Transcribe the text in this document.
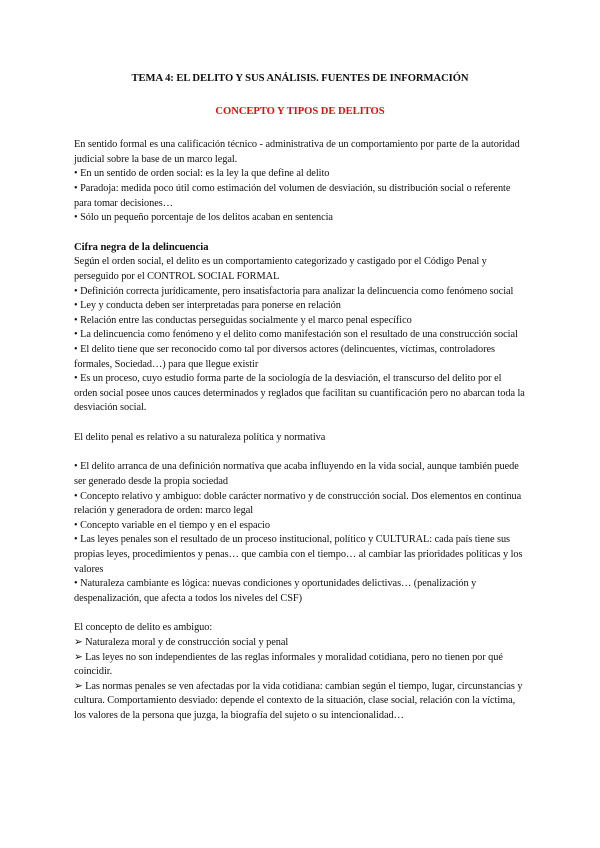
TEMA 4: EL DELITO Y SUS ANÁLISIS. FUENTES DE INFORMACIÓN
CONCEPTO Y TIPOS DE DELITOS

En sentido formal es una calificación técnico - administrativa de un comportamiento por parte de la autoridad judicial sobre la base de un marco legal.

• En un sentido de orden social: es la ley la que define al delito

• Paradoja: medida poco útil como estimación del volumen de desviación, su distribución social o referente para tomar decisiones…

• Sólo un pequeño porcentaje de los delitos acaban en sentencia

Cifra negra de la delincuencia

Según el orden social, el delito es un comportamiento categorizado y castigado por el Código Penal y perseguido por el CONTROL SOCIAL FORMAL

• Definición correcta jurídicamente, pero insatisfactoria para analizar la delincuencia como fenómeno social

• Ley y conducta deben ser interpretadas para ponerse en relación

• Relación entre las conductas perseguidas socialmente y el marco penal específico

• La delincuencia como fenómeno y el delito como manifestación son el resultado de una construcción social

• El delito tiene que ser reconocido como tal por diversos actores (delincuentes, víctimas, controladores formales, Sociedad…) para que llegue existir

• Es un proceso, cuyo estudio forma parte de la sociología de la desviación, el transcurso del delito por el orden social posee unos cauces determinados y reglados que facilitan su cuantificación pero no abarcan toda la desviación social.

El delito penal es relativo a su naturaleza política y normativa

• El delito arranca de una definición normativa que acaba influyendo en la vida social, aunque también puede ser generado desde la propia sociedad

• Concepto relativo y ambiguo: doble carácter normativo y de construcción social. Dos elementos en continua relación y generadora de orden: marco legal

• Concepto variable en el tiempo y en el espacio

• Las leyes penales son el resultado de un proceso institucional, político y CULTURAL: cada país tiene sus propias leyes, procedimientos y penas… que cambia con el tiempo… al cambiar las prioridades políticas y los valores

• Naturaleza cambiante es lógica: nuevas condiciones y oportunidades delictivas… (penalización y despenalización, que afecta a todos los niveles del CSF)

El concepto de delito es ambiguo:

➢ Naturaleza moral y de construcción social y penal

➢ Las leyes no son independientes de las reglas informales y moralidad cotidiana, pero no tienen por qué coincidir.

➢ Las normas penales se ven afectadas por la vida cotidiana: cambian según el tiempo, lugar, circunstancias y cultura. Comportamiento desviado: depende el contexto de la situación, clase social, relación con la víctima, los valores de la persona que juzga, la biografía del sujeto o su intencionalidad…
